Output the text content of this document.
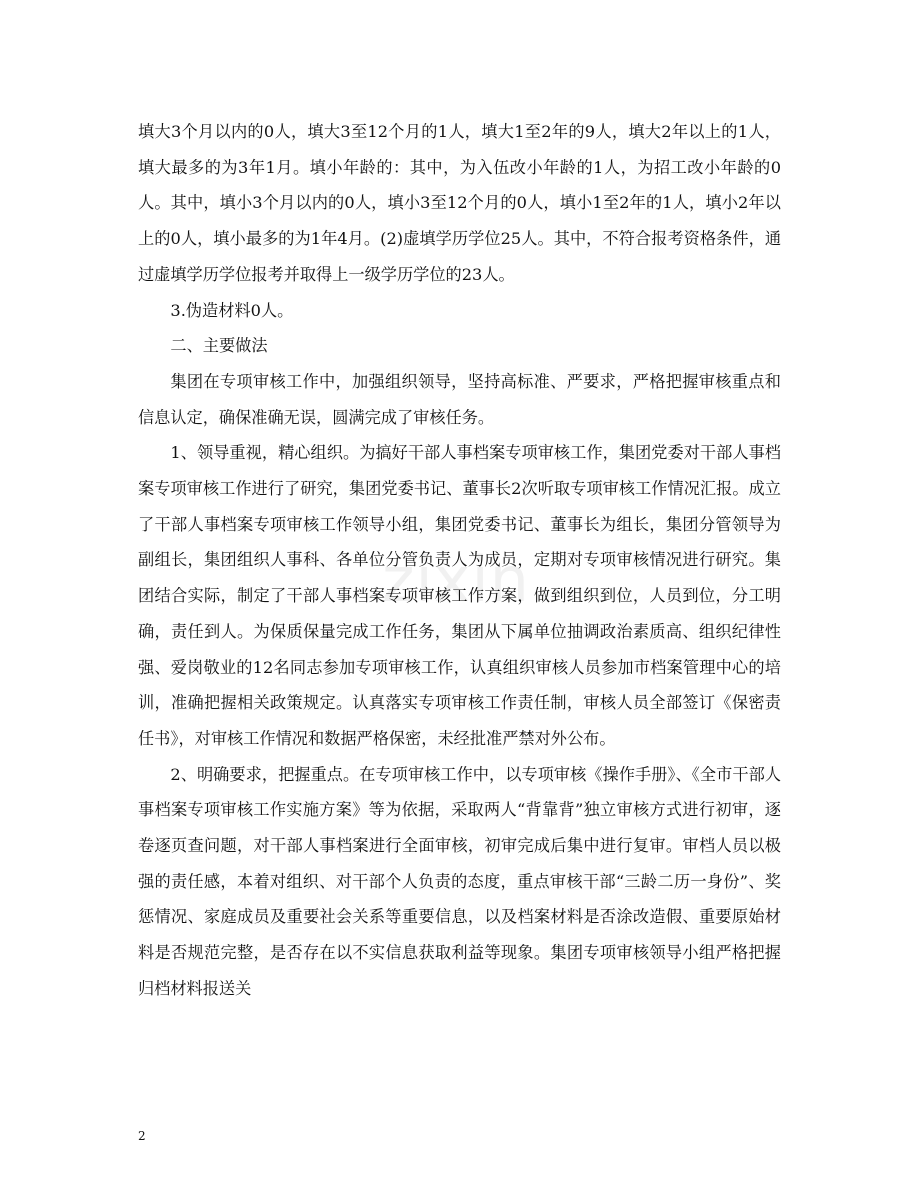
填大3个月以内的0人，填大3至12个月的1人，填大1至2年的9人，填大2年以上的1人，填大最多的为3年1月。填小年龄的：其中，为入伍改小年龄的1人，为招工改小年龄的0人。其中，填小3个月以内的0人，填小3至12个月的0人，填小1至2年的1人，填小2年以上的0人，填小最多的为1年4月。(2)虚填学历学位25人。其中，不符合报考资格条件，通过虚填学历学位报考并取得上一级学历学位的23人。

3.伪造材料0人。

二、主要做法

集团在专项审核工作中，加强组织领导，坚持高标准、严要求，严格把握审核重点和信息认定，确保准确无误，圆满完成了审核任务。

1、领导重视，精心组织。为搞好干部人事档案专项审核工作，集团党委对干部人事档案专项审核工作进行了研究，集团党委书记、董事长2次听取专项审核工作情况汇报。成立了干部人事档案专项审核工作领导小组，集团党委书记、董事长为组长，集团分管领导为副组长，集团组织人事科、各单位分管负责人为成员，定期对专项审核情况进行研究。集团结合实际，制定了干部人事档案专项审核工作方案，做到组织到位，人员到位，分工明确，责任到人。为保质保量完成工作任务，集团从下属单位抽调政治素质高、组织纪律性强、爱岗敬业的12名同志参加专项审核工作，认真组织审核人员参加市档案管理中心的培训，准确把握相关政策规定。认真落实专项审核工作责任制，审核人员全部签订《保密责任书》，对审核工作情况和数据严格保密，未经批准严禁对外公布。

2、明确要求，把握重点。在专项审核工作中，以专项审核《操作手册》、《全市干部人事档案专项审核工作实施方案》等为依据，采取两人“背靠背”独立审核方式进行初审，逐卷逐页查问题，对干部人事档案进行全面审核，初审完成后集中进行复审。审档人员以极强的责任感，本着对组织、对干部个人负责的态度，重点审核干部“三龄二历一身份”、奖惩情况、家庭成员及重要社会关系等重要信息，以及档案材料是否涂改造假、重要原始材料是否规范完整，是否存在以不实信息获取利益等现象。集团专项审核领导小组严格把握归档材料报送关

zixin
2
